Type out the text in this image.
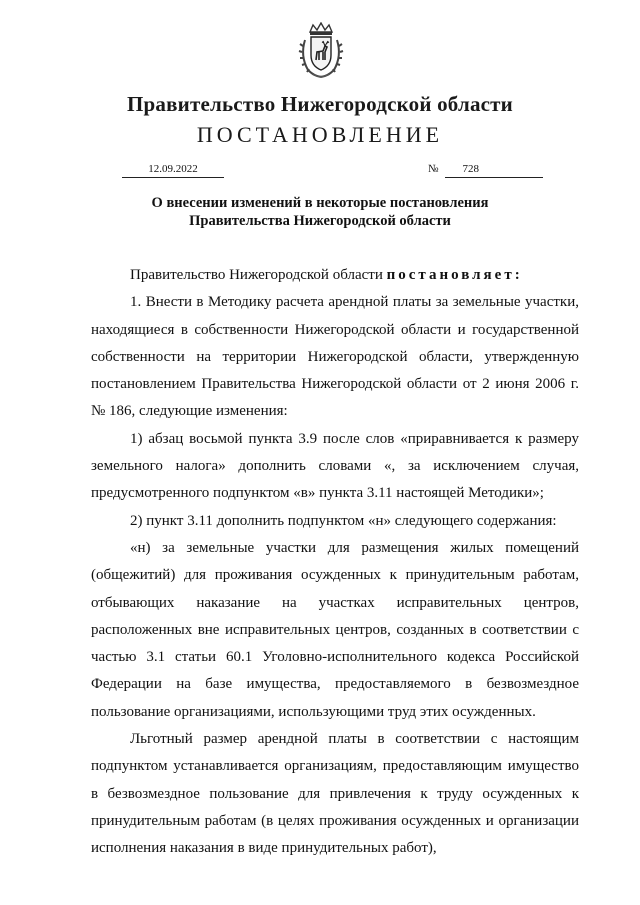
Правительство Нижегородской области
ПОСТАНОВЛЕНИЕ
12.09.2022	№ 728
О внесении изменений в некоторые постановления
Правительства Нижегородской области

Правительство Нижегородской области постановляет:

1. Внести в Методику расчета арендной платы за земельные участки, находящиеся в собственности Нижегородской области и государственной собственности на территории Нижегородской области, утвержденную постановлением Правительства Нижегородской области от 2 июня 2006 г. № 186, следующие изменения:

1) абзац восьмой пункта 3.9 после слов «приравнивается к размеру земельного налога» дополнить словами «, за исключением случая, предусмотренного подпунктом «в» пункта 3.11 настоящей Методики»;

2) пункт 3.11 дополнить подпунктом «н» следующего содержания:

«н) за земельные участки для размещения жилых помещений (общежитий) для проживания осужденных к принудительным работам, отбывающих наказание на участках исправительных центров, расположенных вне исправительных центров, созданных в соответствии с частью 3.1 статьи 60.1 Уголовно-исполнительного кодекса Российской Федерации на базе имущества, предоставляемого в безвозмездное пользование организациями, использующими труд этих осужденных.

Льготный размер арендной платы в соответствии с настоящим подпунктом устанавливается организациям, предоставляющим имущество в безвозмездное пользование для привлечения к труду осужденных к принудительным работам (в целях проживания осужденных и организации исполнения наказания в виде принудительных работ),
